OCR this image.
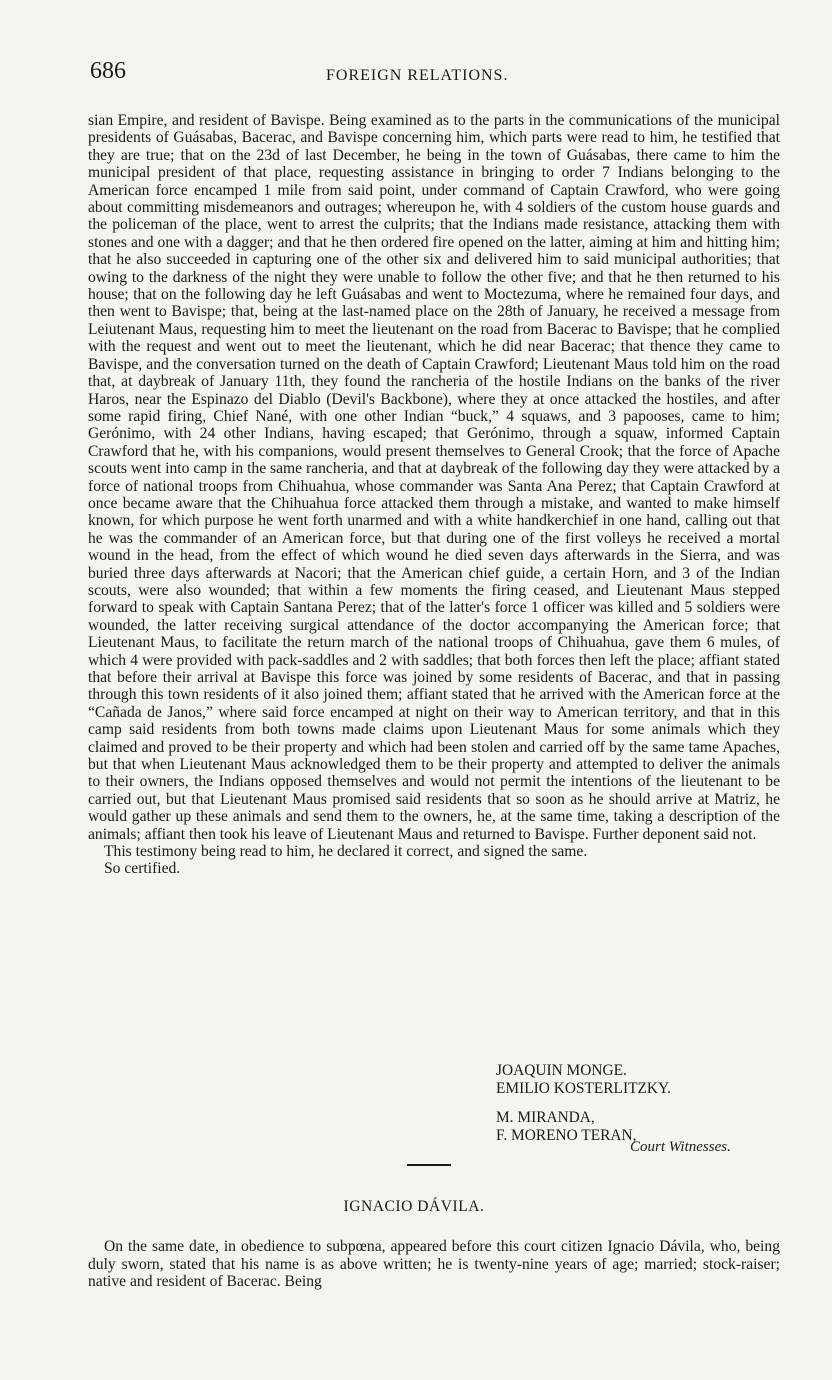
686	FOREIGN RELATIONS.

sian Empire, and resident of Bavispe. Being examined as to the parts in the communications of the municipal presidents of Guásabas, Bacerac, and Bavispe concerning him, which parts were read to him, he testified that they are true; that on the 23d of last December, he being in the town of Guásabas, there came to him the municipal president of that place, requesting assistance in bringing to order 7 Indians belonging to the American force encamped 1 mile from said point, under command of Captain Crawford, who were going about committing misdemeanors and outrages; whereupon he, with 4 soldiers of the custom house guards and the policeman of the place, went to arrest the culprits; that the Indians made resistance, attacking them with stones and one with a dagger; and that he then ordered fire opened on the latter, aiming at him and hitting him; that he also succeeded in capturing one of the other six and delivered him to said municipal authorities; that owing to the darkness of the night they were unable to follow the other five; and that he then returned to his house; that on the following day he left Guásabas and went to Moctezuma, where he remained four days, and then went to Bavispe; that, being at the last-named place on the 28th of January, he received a message from Leiutenant Maus, requesting him to meet the lieutenant on the road from Bacerac to Bavispe; that he complied with the request and went out to meet the lieutenant, which he did near Bacerac; that thence they came to Bavispe, and the conversation turned on the death of Captain Crawford; Lieutenant Maus told him on the road that, at daybreak of January 11th, they found the rancheria of the hostile Indians on the banks of the river Haros, near the Espinazo del Diablo (Devil's Backbone), where they at once attacked the hostiles, and after some rapid firing, Chief Nané, with one other Indian “buck,” 4 squaws, and 3 papooses, came to him; Gerónimo, with 24 other Indians, having escaped; that Gerónimo, through a squaw, informed Captain Crawford that he, with his companions, would present themselves to General Crook; that the force of Apache scouts went into camp in the same rancheria, and that at daybreak of the following day they were attacked by a force of national troops from Chihuahua, whose commander was Santa Ana Perez; that Captain Crawford at once became aware that the Chihuahua force attacked them through a mistake, and wanted to make himself known, for which purpose he went forth unarmed and with a white handkerchief in one hand, calling out that he was the commander of an American force, but that during one of the first volleys he received a mortal wound in the head, from the effect of which wound he died seven days afterwards in the Sierra, and was buried three days afterwards at Nacori; that the American chief guide, a certain Horn, and 3 of the Indian scouts, were also wounded; that within a few moments the firing ceased, and Lieutenant Maus stepped forward to speak with Captain Santana Perez; that of the latter's force 1 officer was killed and 5 soldiers were wounded, the latter receiving surgical attendance of the doctor accompanying the American force; that Lieutenant Maus, to facilitate the return march of the national troops of Chihuahua, gave them 6 mules, of which 4 were provided with pack-saddles and 2 with saddles; that both forces then left the place; affiant stated that before their arrival at Bavispe this force was joined by some residents of Bacerac, and that in passing through this town residents of it also joined them; affiant stated that he arrived with the American force at the “Cañada de Janos,” where said force encamped at night on their way to American territory, and that in this camp said residents from both towns made claims upon Lieutenant Maus for some animals which they claimed and proved to be their property and which had been stolen and carried off by the same tame Apaches, but that when Lieutenant Maus acknowledged them to be their property and attempted to deliver the animals to their owners, the Indians opposed themselves and would not permit the intentions of the lieutenant to be carried out, but that Lieutenant Maus promised said residents that so soon as he should arrive at Matriz, he would gather up these animals and send them to the owners, he, at the same time, taking a description of the animals; affiant then took his leave of Lieutenant Maus and returned to Bavispe. Further deponent said not.

This testimony being read to him, he declared it correct, and signed the same.

So certified.

JOAQUIN MONGE.
EMILIO KOSTERLITZKY.
M. MIRANDA,
F. MORENO TERAN,
Court Witnesses.
IGNACIO DÁVILA.

On the same date, in obedience to subpœna, appeared before this court citizen Ignacio Dávila, who, being duly sworn, stated that his name is as above written; he is twenty-nine years of age; married; stock-raiser; native and resident of Bacerac. Being
